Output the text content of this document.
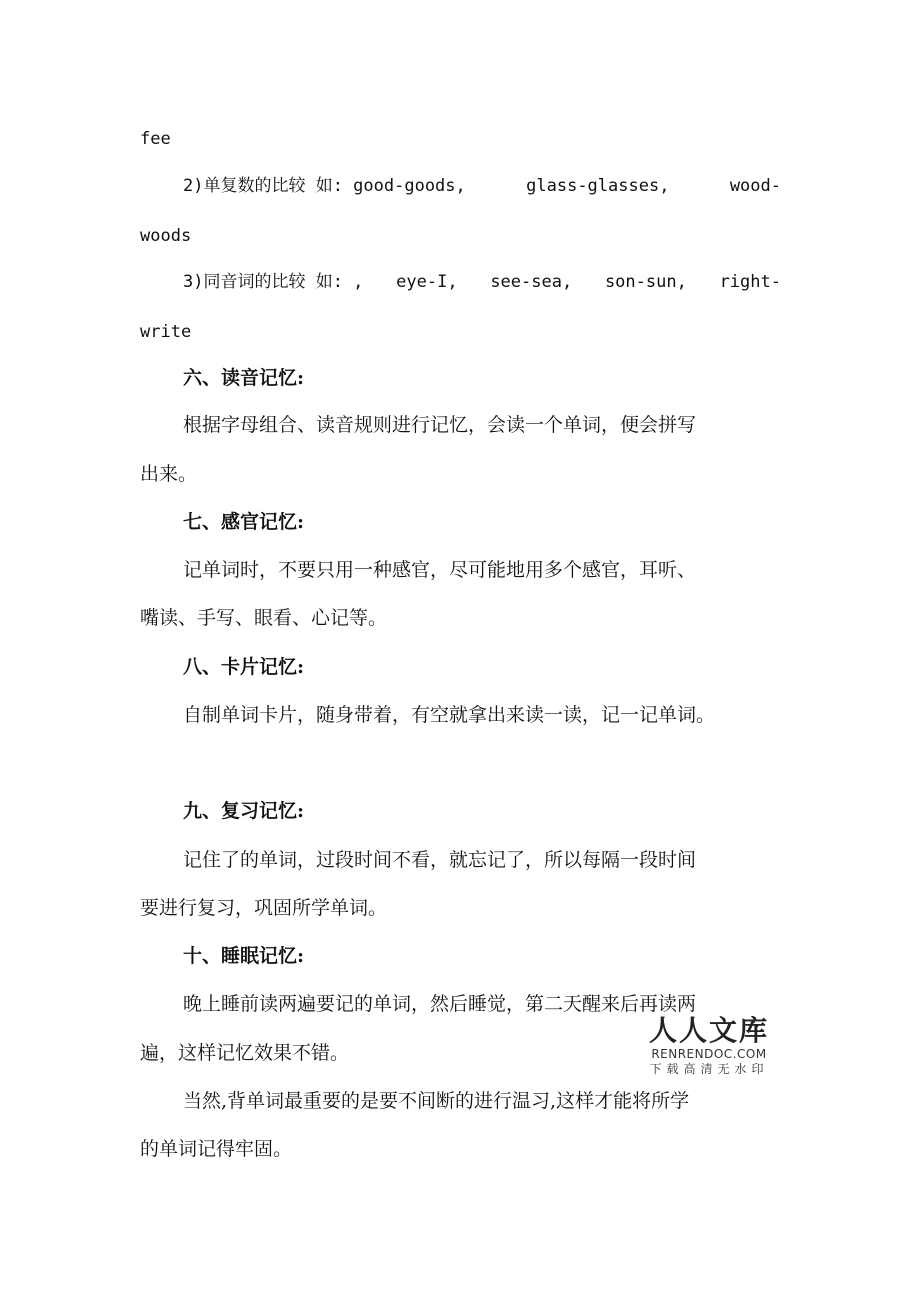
fee
2)单复数的比较 如: good-goods,	glass-glasses,	wood-
woods
3)同音词的比较 如: , eye-I, see-sea, son-sun, right-
write
六、读音记忆:
根据字母组合、读音规则进行记忆，会读一个单词，便会拼写
出来。
七、感官记忆:
记单词时，不要只用一种感官，尽可能地用多个感官，耳听、
嘴读、手写、眼看、心记等。
八、卡片记忆:
自制单词卡片，随身带着，有空就拿出来读一读，记一记单词。
九、复习记忆:
记住了的单词，过段时间不看，就忘记了，所以每隔一段时间
要进行复习，巩固所学单词。
十、睡眠记忆:
晚上睡前读两遍要记的单词，然后睡觉，第二天醒来后再读两
遍，这样记忆效果不错。
当然,背单词最重要的是要不间断的进行温习,这样才能将所学
的单词记得牢固。
人人文库
RENRENDOC.COM
下载高清无水印
